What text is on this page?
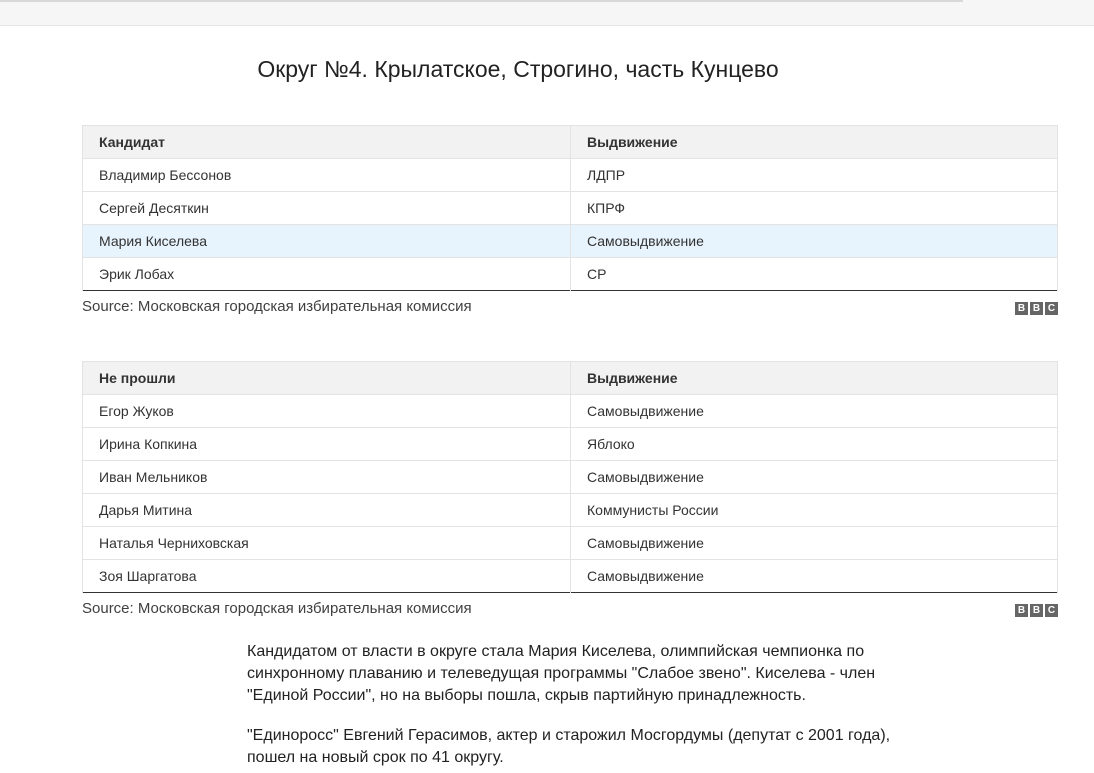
Округ №4. Крылатское, Строгино, часть Кунцево
Кандидат	Выдвижение
Владимир Бессонов	ЛДПР
Сергей Десяткин	КПРФ
Мария Киселева	Самовыдвижение
Эрик Лобах	СР
Source: Московская городская избирательная комиссия	B B C
Не прошли	Выдвижение
Егор Жуков	Самовыдвижение
Ирина Копкина	Яблоко
Иван Мельников	Самовыдвижение
Дарья Митина	Коммунисты России
Наталья Черниховская	Самовыдвижение
Зоя Шаргатова	Самовыдвижение
Source: Московская городская избирательная комиссия	B B C

Кандидатом от власти в округе стала Мария Киселева, олимпийская чемпионка по синхронному плаванию и телеведущая программы "Слабое звено". Киселева - член "Единой России", но на выборы пошла, скрыв партийную принадлежность.

"Единоросс" Евгений Герасимов, актер и старожил Мосгордумы (депутат с 2001 года), пошел на новый срок по 41 округу.
